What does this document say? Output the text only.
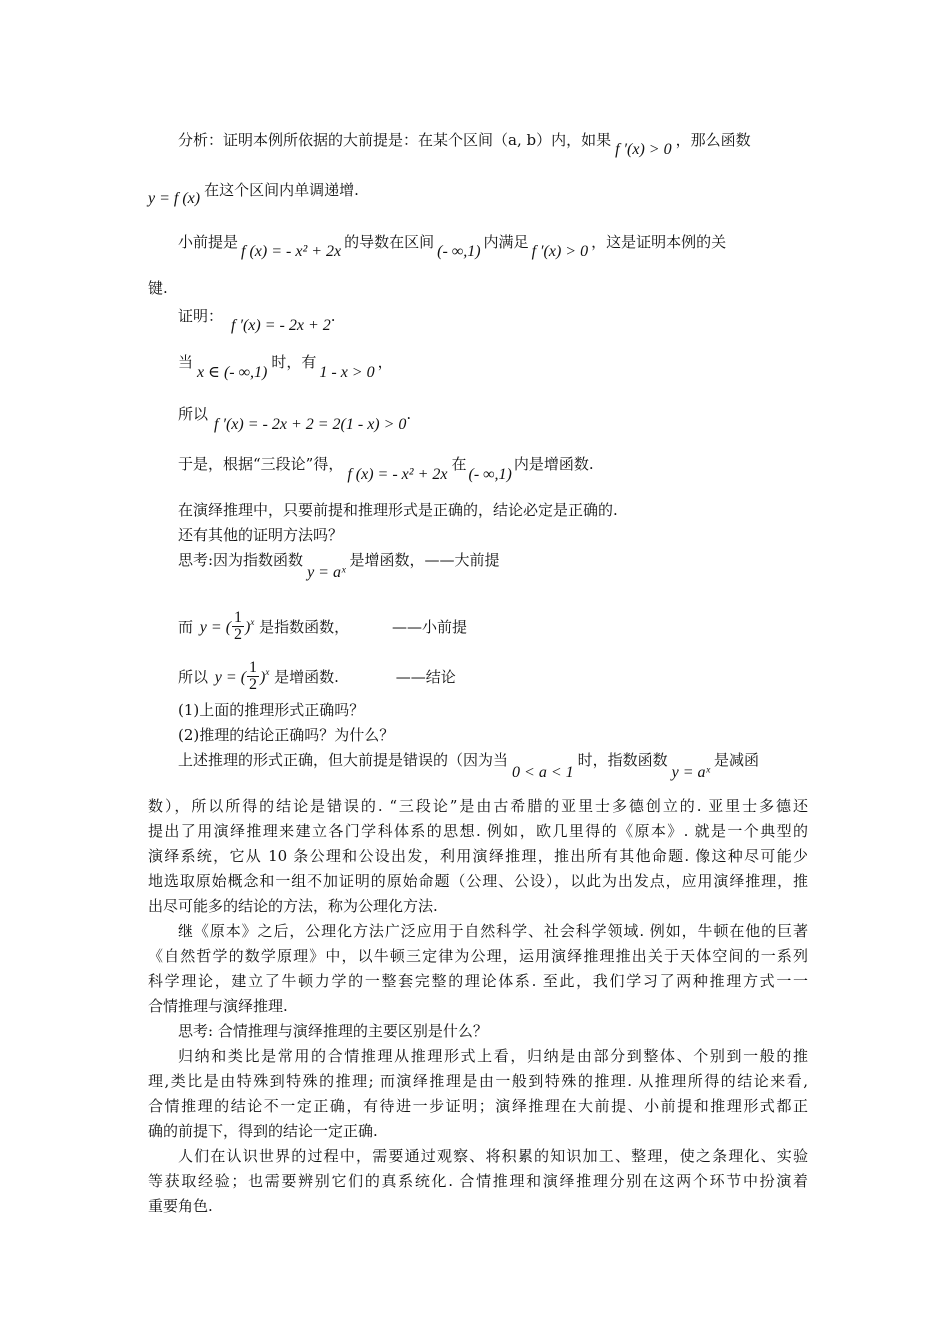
分析：证明本例所依据的大前提是：在某个区间（a, b）内，如果f ′(x) > 0，那么函数
y = f (x) 在这个区间内单调递增.
小前提是f (x) = - x² + 2x的导数在区间(- ∞,1)内满足f ′(x) > 0，这是证明本例的关
键.
证明：f ′(x) = - 2x + 2.
当x ∈ (- ∞,1)时，有1 - x > 0，
所以f ′(x) = - 2x + 2 = 2(1 - x) > 0.
于是，根据“三段论”得，f (x) = - x² + 2x在(- ∞,1)内是增函数.
在演绎推理中，只要前提和推理形式是正确的，结论必定是正确的.
还有其他的证明方法吗？
思考:因为指数函数y = aˣ是增函数，——大前提
而 y = ( $\frac{1}{2} )^x$ 是指数函数，	——小前提
所以 y = ( $\frac{1}{2} )^x$ 是增函数.	——结论
(1)上面的推理形式正确吗？
(2)推理的结论正确吗？为什么？
上述推理的形式正确，但大前提是错误的（因为当0 < a < 1时，指数函数y = aˣ是减函
数），所以所得的结论是错误的. “三段论”是由古希腊的亚里士多德创立的. 亚里士多德还
提出了用演绎推理来建立各门学科体系的思想. 例如，欧几里得的《原本》. 就是一个典型的
演绎系统，它从 10 条公理和公设出发，利用演绎推理，推出所有其他命题. 像这种尽可能少
地选取原始概念和一组不加证明的原始命题（公理、公设），以此为出发点，应用演绎推理，推
出尽可能多的结论的方法，称为公理化方法.
继《原本》之后，公理化方法广泛应用于自然科学、社会科学领域. 例如，牛顿在他的巨著
《自然哲学的数学原理》中，以牛顿三定律为公理，运用演绎推理推出关于天体空间的一系列
科学理论，建立了牛顿力学的一整套完整的理论体系. 至此，我们学习了两种推理方式一一
合情推理与演绎推理.
思考: 合情推理与演绎推理的主要区别是什么？
归纳和类比是常用的合情推理从推理形式上看，归纳是由部分到整体、个别到一般的推
理,类比是由特殊到特殊的推理; 而演绎推理是由一般到特殊的推理. 从推理所得的结论来看,
合情推理的结论不一定正确，有待进一步证明；演绎推理在大前提、小前提和推理形式都正
确的前提下，得到的结论一定正确.
人们在认识世界的过程中，需要通过观察、将积累的知识加工、整理，使之条理化、实验
等获取经验；也需要辨别它们的真系统化. 合情推理和演绎推理分别在这两个环节中扮演着
重要角色.
